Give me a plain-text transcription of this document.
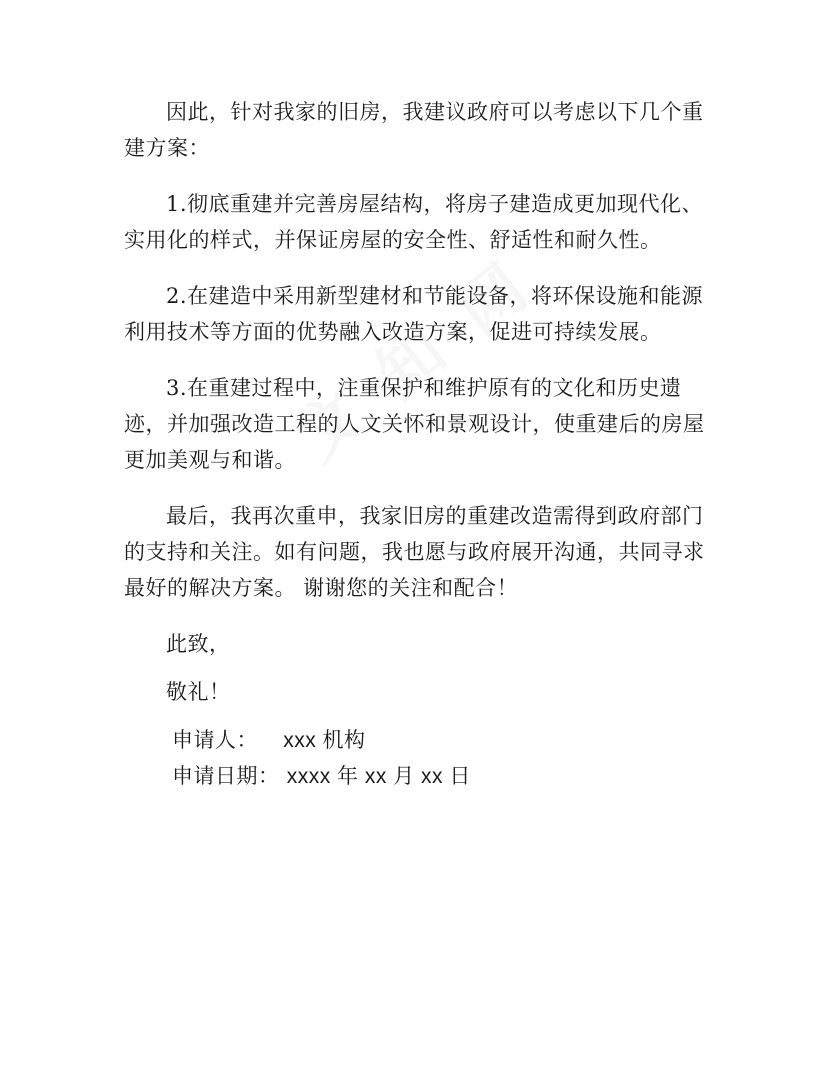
因此，针对我家的旧房，我建议政府可以考虑以下几个重建方案：

1.彻底重建并完善房屋结构，将房子建造成更加现代化、实用化的样式，并保证房屋的安全性、舒适性和耐久性。

2.在建造中采用新型建材和节能设备，将环保设施和能源利用技术等方面的优势融入改造方案，促进可持续发展。

3.在重建过程中，注重保护和维护原有的文化和历史遗迹，并加强改造工程的人文关怀和景观设计，使重建后的房屋更加美观与和谐。

最后，我再次重申，我家旧房的重建改造需得到政府部门的支持和关注。如有问题，我也愿与政府展开沟通，共同寻求最好的解决方案。 谢谢您的关注和配合！

此致，

敬礼！

申请人： xxx 机构

申请日期： xxxx 年 xx 月 xx 日
